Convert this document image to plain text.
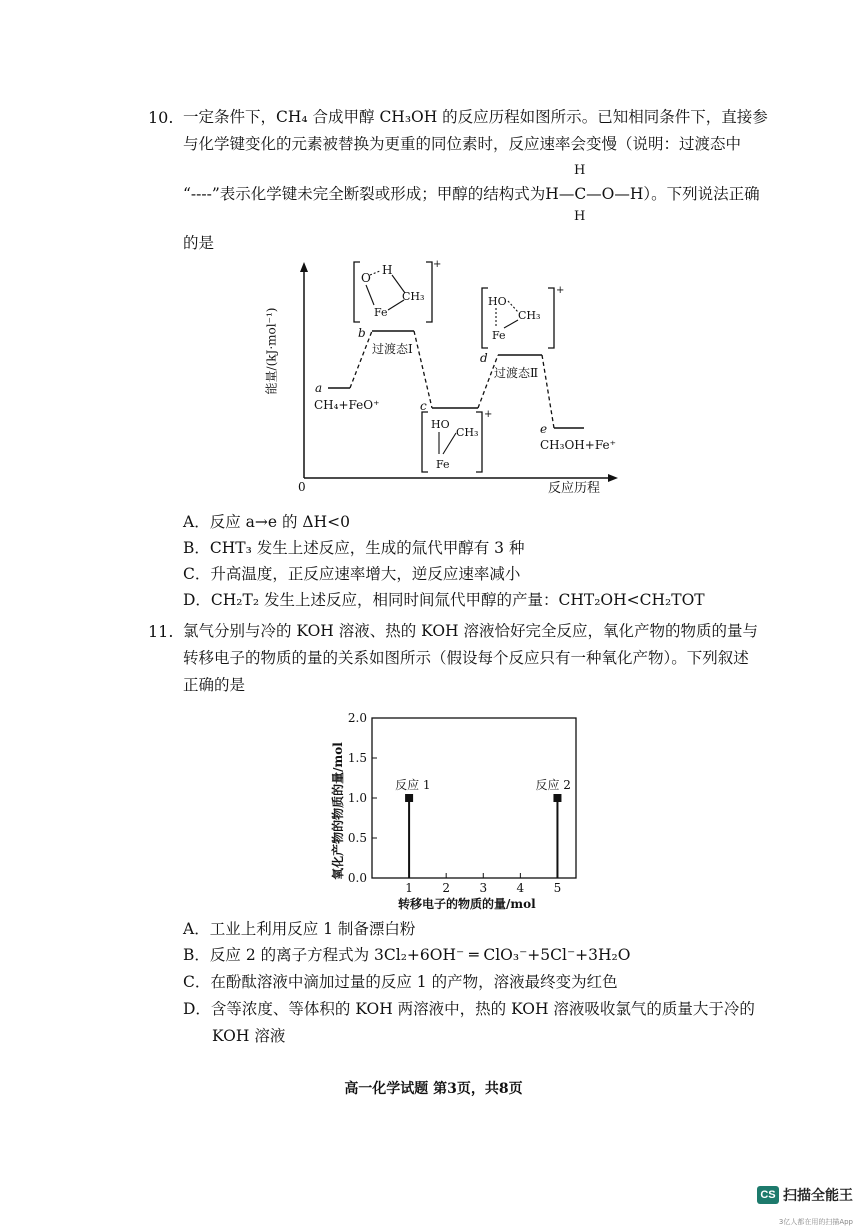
10. 一定条件下，CH₄ 合成甲醇 CH₃OH 的反应历程如图所示。已知相同条件下，直接参
与化学键变化的元素被替换为更重的同位素时，反应速率会变慢（说明：过渡态中
“----”表示化学键未完全断裂或形成；甲醇的结构式为H—C—O—H）。下列说法正确
H
H
的是
能量/(kJ·mol⁻¹)
反应历程
0
a
CH₄+FeO⁺
b
过渡态Ⅰ
c
d
过渡态Ⅱ
e
CH₃OH+Fe⁺
O
H
CH₃
Fe
+
HO
CH₃
Fe
+
HO
CH₃
Fe
+
A．反应 a→e 的 ΔH<0
B．CHT₃ 发生上述反应，生成的氚代甲醇有 3 种
C．升高温度，正反应速率增大，逆反应速率减小
D．CH₂T₂ 发生上述反应，相同时间氚代甲醇的产量：CHT₂OH<CH₂TOT
11. 氯气分别与冷的 KOH 溶液、热的 KOH 溶液恰好完全反应，氧化产物的物质的量与
转移电子的物质的量的关系如图所示（假设每个反应只有一种氧化产物）。下列叙述
正确的是
0.0
0.5
1.0
1.5
2.0
1 2 3 4 5
反应 1	反应 2
转移电子的物质的量/mol
氧化产物的物质的量/mol
A．工业上利用反应 1 制备漂白粉
B．反应 2 的离子方程式为 3Cl₂+6OH⁻ ═ ClO₃⁻+5Cl⁻+3H₂O
C．在酚酞溶液中滴加过量的反应 1 的产物，溶液最终变为红色
D．含等浓度、等体积的 KOH 两溶液中，热的 KOH 溶液吸收氯气的质量大于冷的
KOH 溶液
高一化学试题 第3页，共8页
CS 扫描全能王
3亿人都在用的扫描App
